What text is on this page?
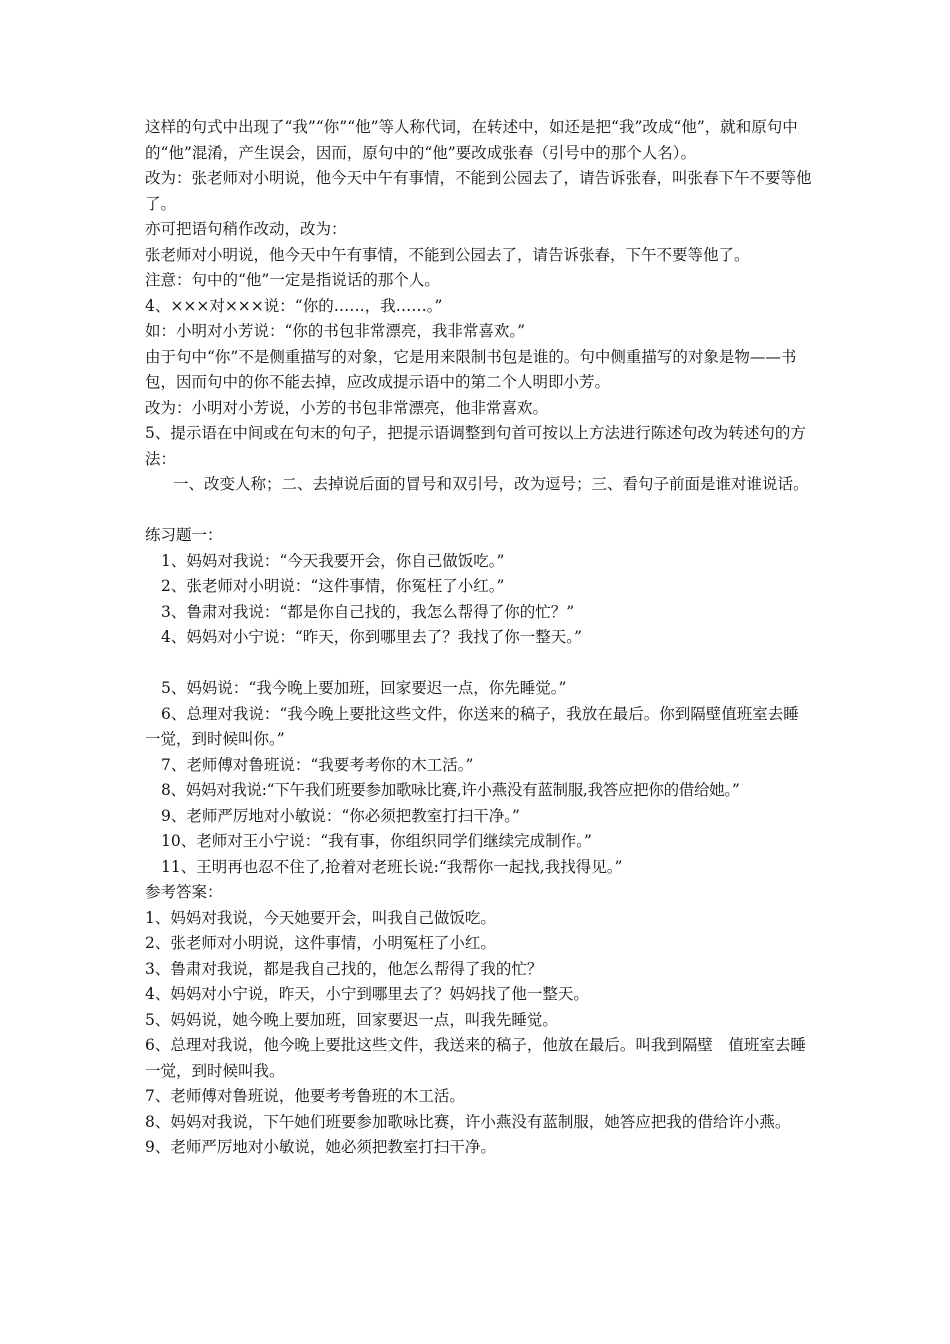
这样的句式中出现了“我”“你”“他”等人称代词，在转述中，如还是把“我”改成“他”，就和原句中的“他”混淆，产生误会，因而，原句中的“他”要改成张春（引号中的那个人名）。

改为：张老师对小明说，他今天中午有事情，不能到公园去了，请告诉张春，叫张春下午不要等他了。

亦可把语句稍作改动，改为：

张老师对小明说，他今天中午有事情，不能到公园去了，请告诉张春，下午不要等他了。

注意：句中的“他”一定是指说话的那个人。

4、×××对×××说：“你的……，我……。”

如：小明对小芳说：“你的书包非常漂亮，我非常喜欢。”

由于句中“你”不是侧重描写的对象，它是用来限制书包是谁的。句中侧重描写的对象是物——书包，因而句中的你不能去掉，应改成提示语中的第二个人明即小芳。

改为：小明对小芳说，小芳的书包非常漂亮，他非常喜欢。

5、提示语在中间或在句末的句子，把提示语调整到句首可按以上方法进行陈述句改为转述句的方法：

一、改变人称；二、去掉说后面的冒号和双引号，改为逗号；三、看句子前面是谁对谁说话。

练习题一：

1、妈妈对我说：“今天我要开会，你自己做饭吃。”

2、张老师对小明说：“这件事情，你冤枉了小红。”

3、鲁肃对我说：“都是你自己找的，我怎么帮得了你的忙？”

4、妈妈对小宁说：“昨天，你到哪里去了？我找了你一整天。”

5、妈妈说：“我今晚上要加班，回家要迟一点，你先睡觉。”

6、总理对我说：“我今晚上要批这些文件，你送来的稿子，我放在最后。你到隔壁值班室去睡一觉，到时候叫你。”

7、老师傅对鲁班说：“我要考考你的木工活。”

8、妈妈对我说:“下午我们班要参加歌咏比赛,许小燕没有蓝制服,我答应把你的借给她。”

9、老师严厉地对小敏说：“你必须把教室打扫干净。”

10、老师对王小宁说：“我有事，你组织同学们继续完成制作。”

11、王明再也忍不住了,抢着对老班长说:“我帮你一起找,我找得见。”

参考答案：

1、妈妈对我说，今天她要开会，叫我自己做饭吃。

2、张老师对小明说，这件事情，小明冤枉了小红。

3、鲁肃对我说，都是我自己找的，他怎么帮得了我的忙？

4、妈妈对小宁说，昨天，小宁到哪里去了？妈妈找了他一整天。

5、妈妈说，她今晚上要加班，回家要迟一点，叫我先睡觉。

6、总理对我说，他今晚上要批这些文件，我送来的稿子，他放在最后。叫我到隔壁　值班室去睡一觉，到时候叫我。

7、老师傅对鲁班说，他要考考鲁班的木工活。

8、妈妈对我说，下午她们班要参加歌咏比赛，许小燕没有蓝制服，她答应把我的借给许小燕。

9、老师严厉地对小敏说，她必须把教室打扫干净。
